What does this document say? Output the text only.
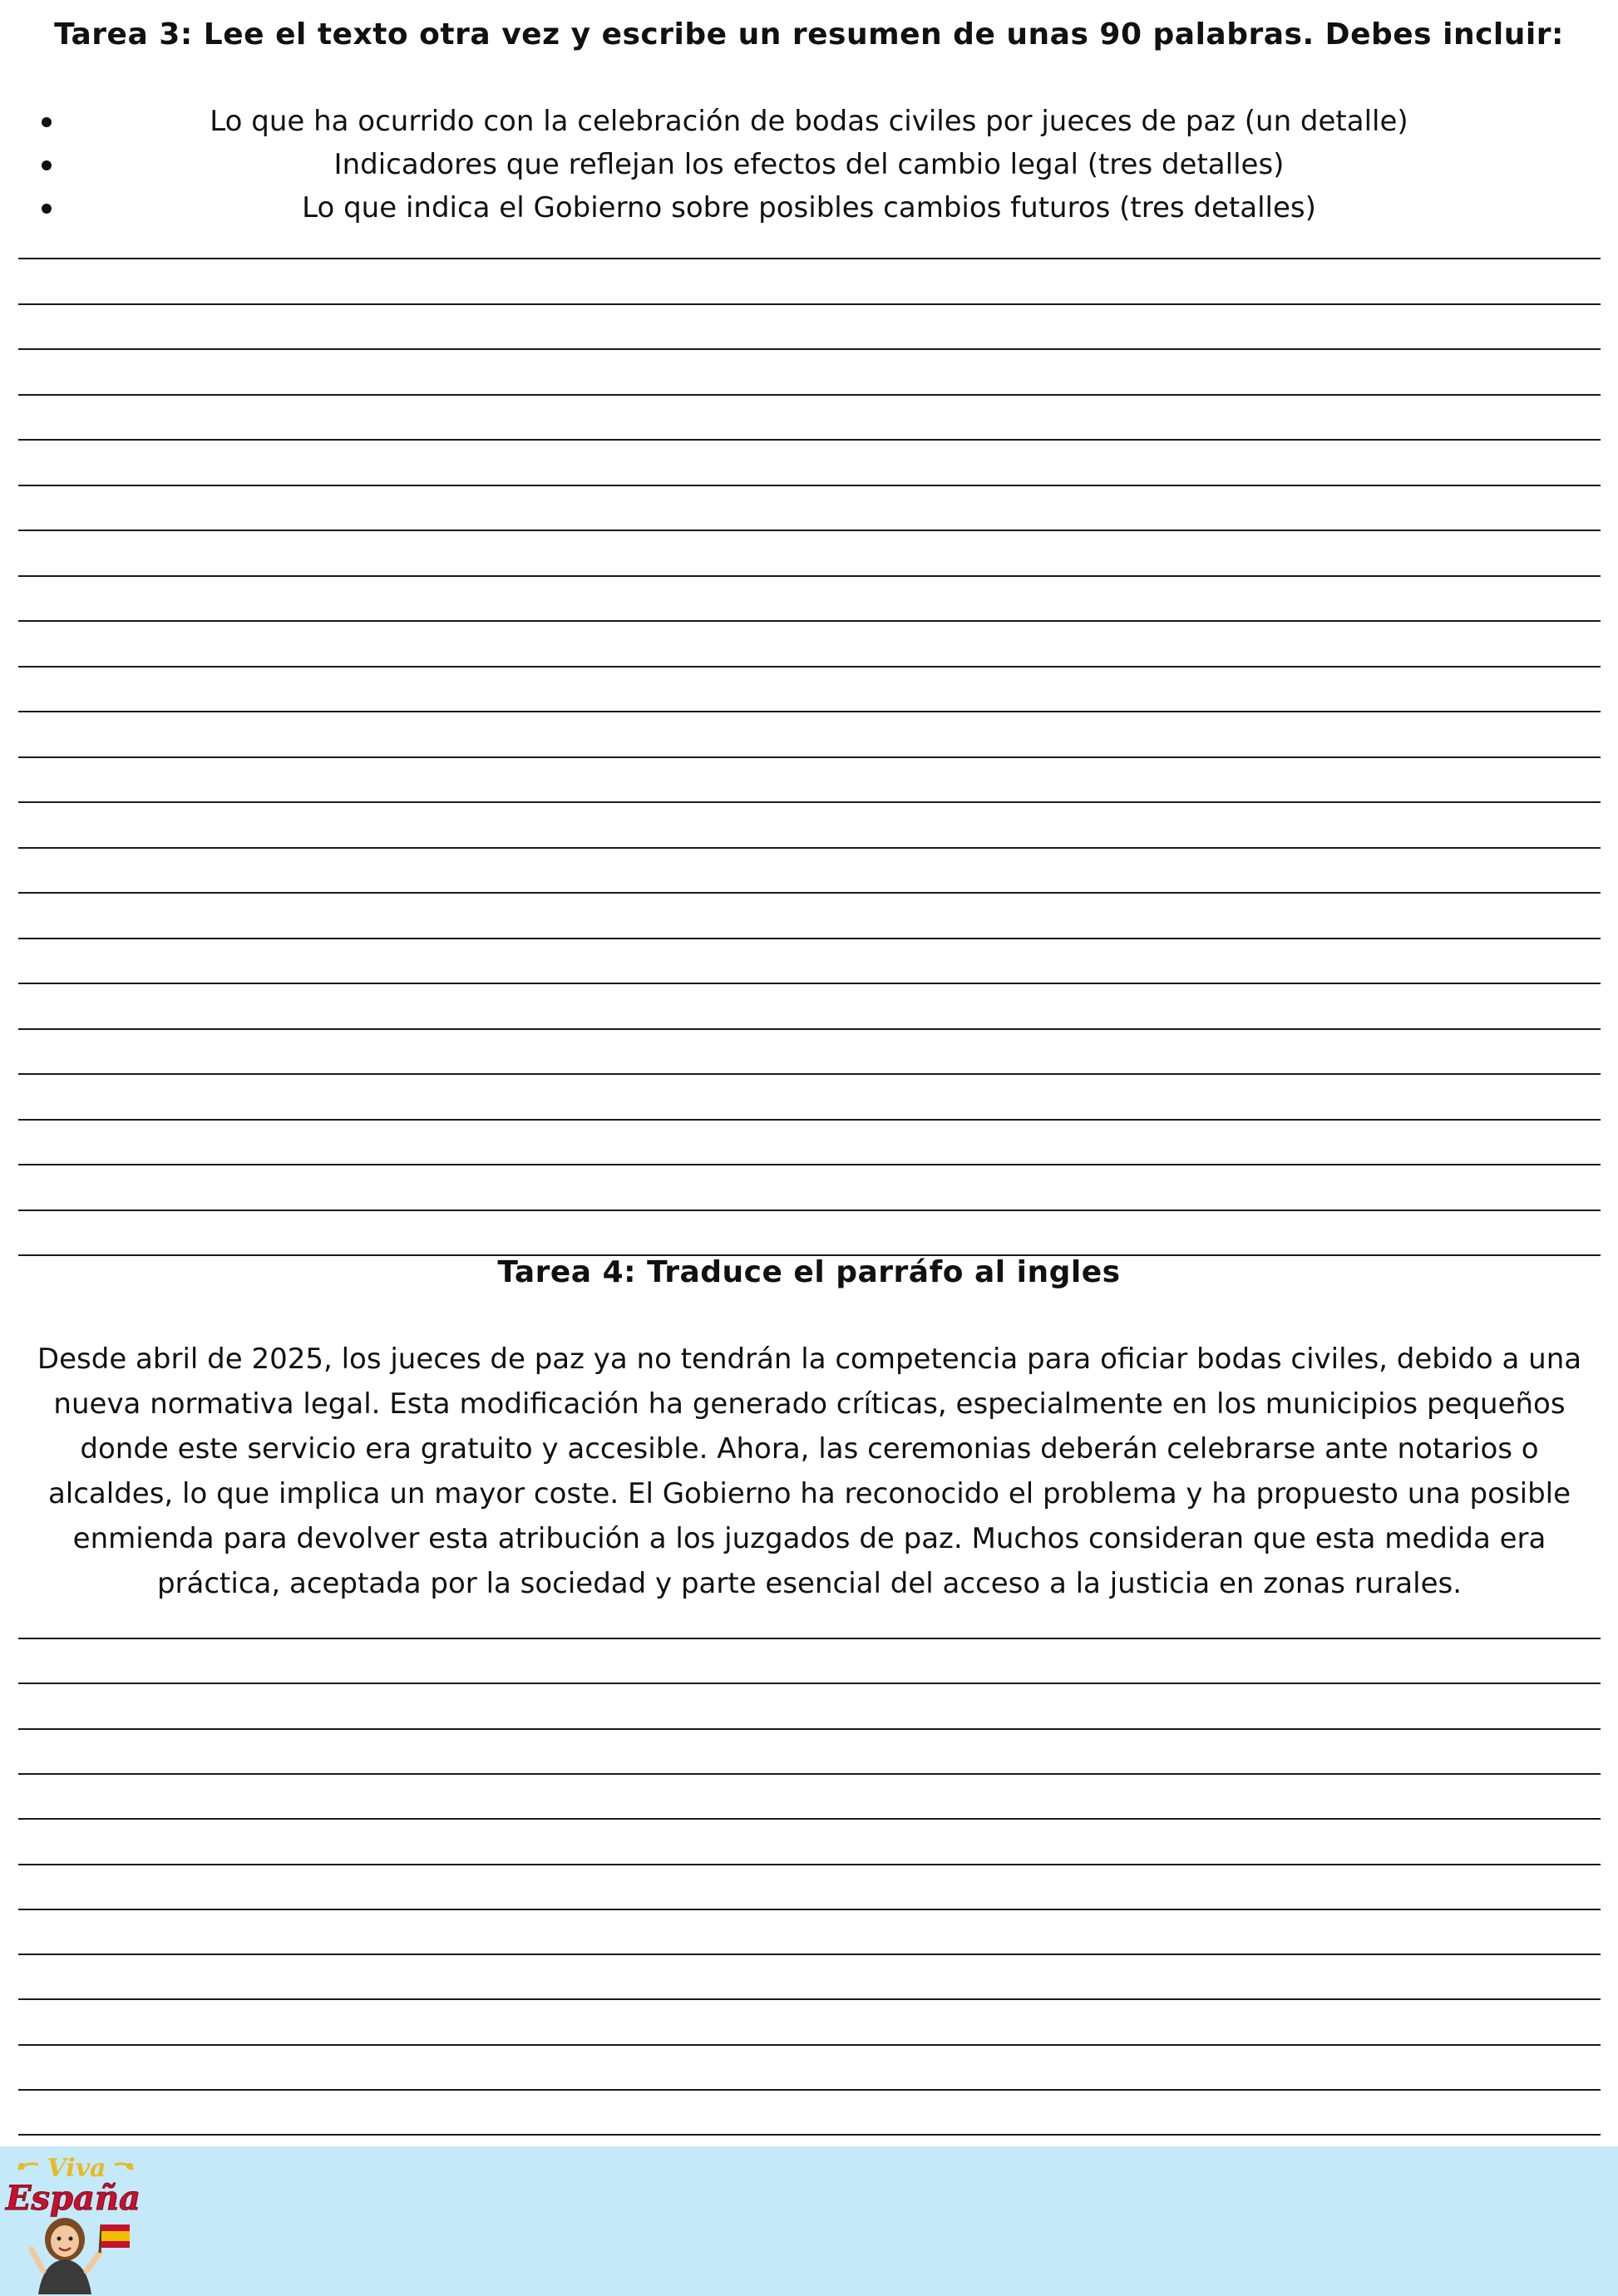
Tarea 3: Lee el texto otra vez y escribe un resumen de unas 90 palabras. Debes incluir:
Lo que ha ocurrido con la celebración de bodas civiles por jueces de paz (un detalle)
Indicadores que reflejan los efectos del cambio legal (tres detalles)
Lo que indica el Gobierno sobre posibles cambios futuros (tres detalles)
Tarea 4: Traduce el parráfo al ingles

Desde abril de 2025, los jueces de paz ya no tendrán la competencia para oficiar bodas civiles, debido a una nueva normativa legal. Esta modificación ha generado críticas, especialmente en los municipios pequeños donde este servicio era gratuito y accesible. Ahora, las ceremonias deberán celebrarse ante notarios o alcaldes, lo que implica un mayor coste. El Gobierno ha reconocido el problema y ha propuesto una posible enmienda para devolver esta atribución a los juzgados de paz. Muchos consideran que esta medida era práctica, aceptada por la sociedad y parte esencial del acceso a la justicia en zonas rurales.

Viva
España
